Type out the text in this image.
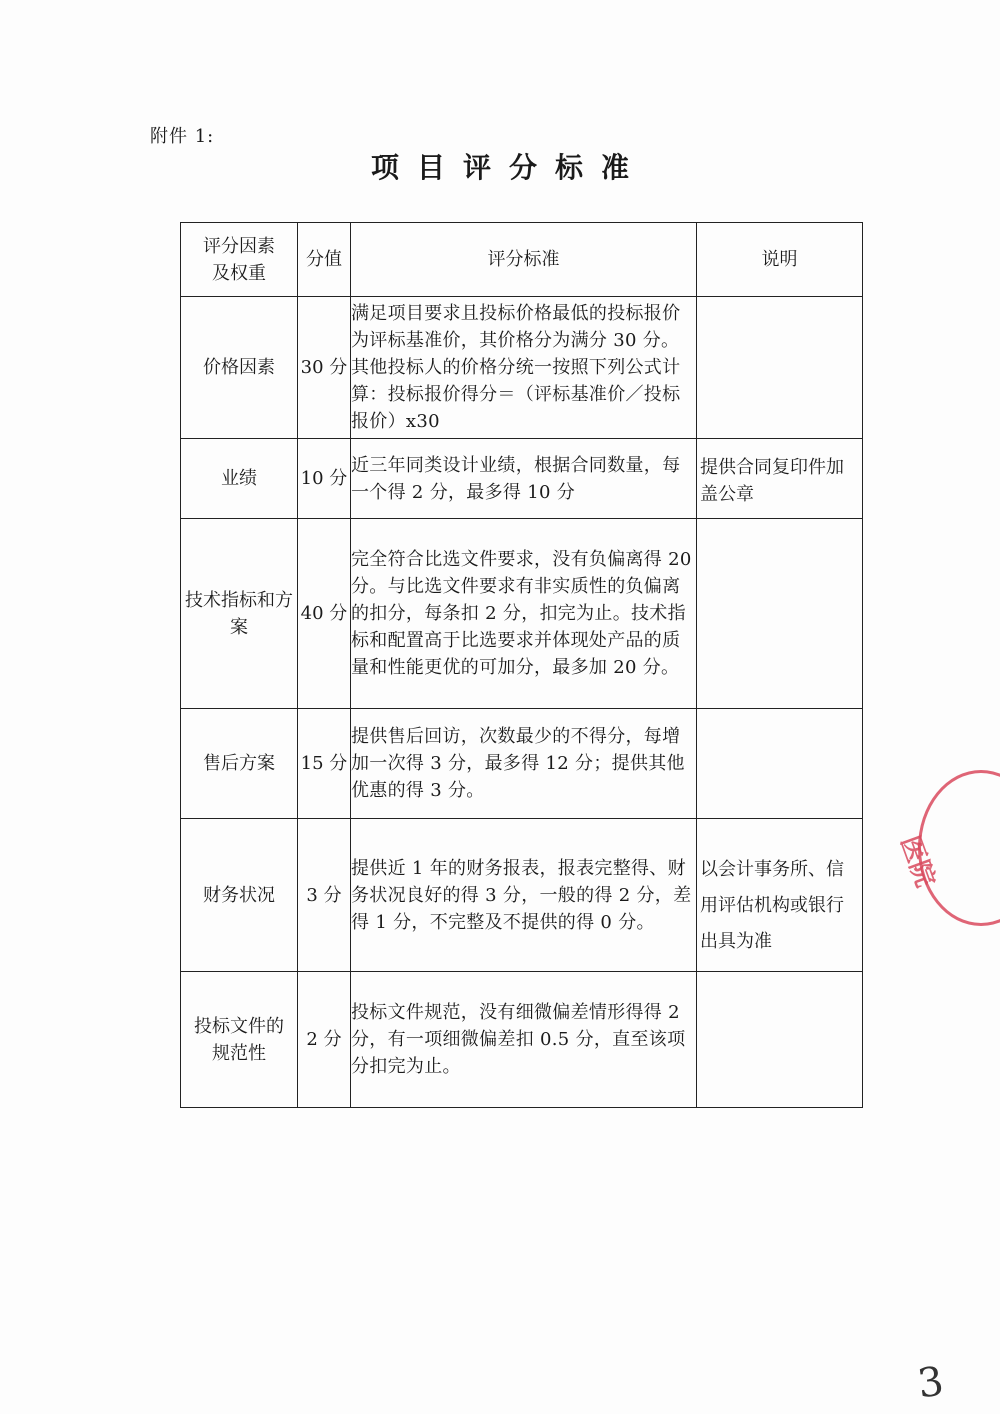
附件 1:
项目评分标准
评分因素及权重	分值	评分标准	说明
价格因素	30 分	满足项目要求且投标价格最低的投标报价为评标基准价，其价格分为满分 30 分。其他投标人的价格分统一按照下列公式计算：投标报价得分＝（评标基准价／投标报价）x30	
业绩	10 分	近三年同类设计业绩，根据合同数量，每一个得 2 分，最多得 10 分	提供合同复印件加盖公章
技术指标和方案	40 分	完全符合比选文件要求，没有负偏离得 20 分。与比选文件要求有非实质性的负偏离的扣分，每条扣 2 分，扣完为止。技术指标和配置高于比选要求并体现处产品的质量和性能更优的可加分，最多加 20 分。	
售后方案	15 分	提供售后回访，次数最少的不得分，每增加一次得 3 分，最多得 12 分；提供其他优惠的得 3 分。	
财务状况	3 分	提供近 1 年的财务报表，报表完整得、财务状况良好的得 3 分，一般的得 2 分，差得 1 分，不完整及不提供的得 0 分。	以会计事务所、信用评估机构或银行出具为准
投标文件的规范性	2 分	投标文件规范，没有细微偏差情形得得 2 分，有一项细微偏差扣 0.5 分，直至该项分扣完为止。	
医院
3
